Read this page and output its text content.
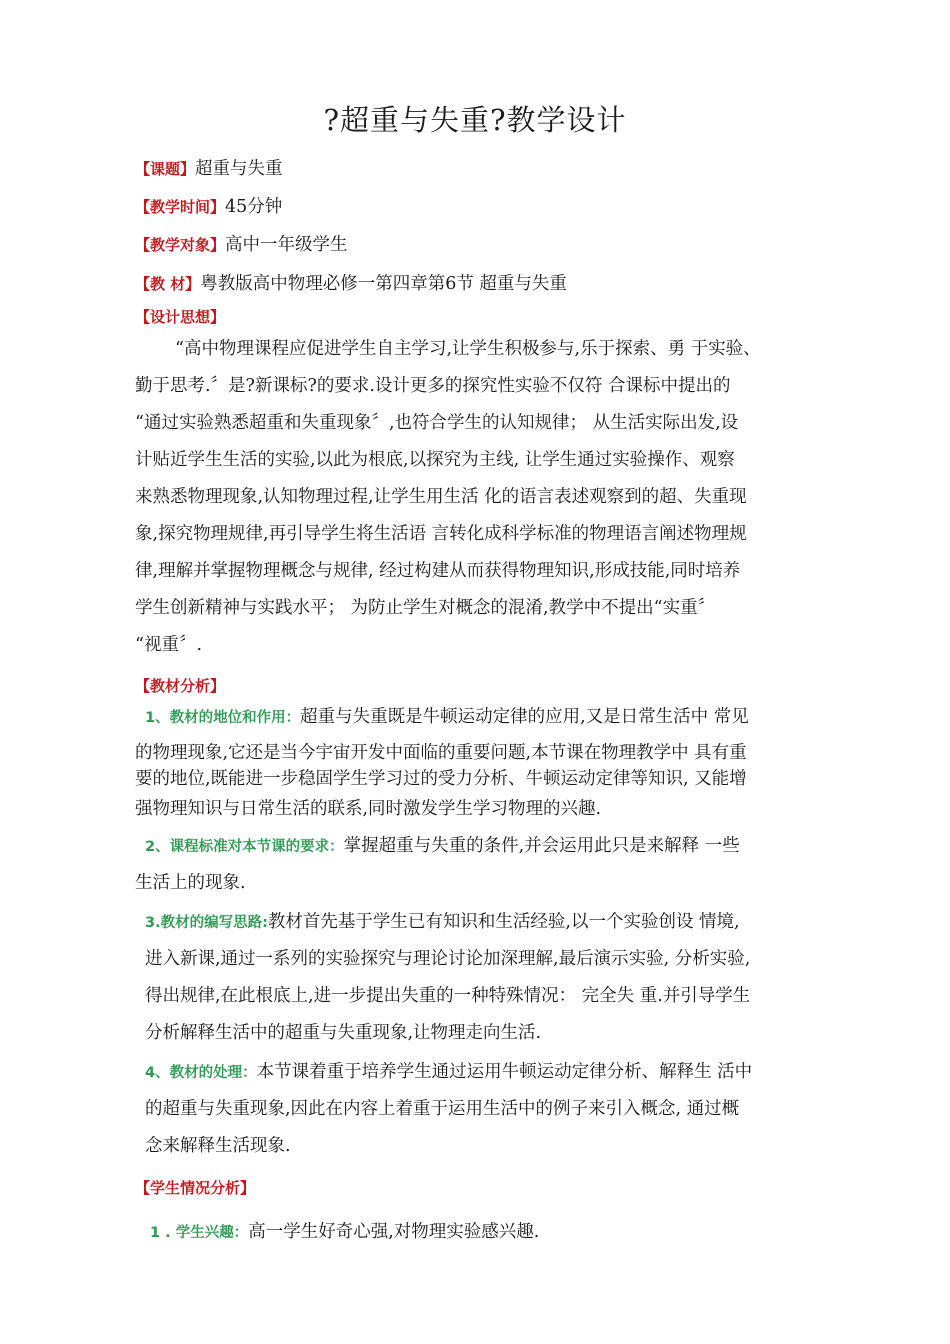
?超重与失重?教学设计
【课题】超重与失重
【教学时间】45分钟
【教学对象】高中一年级学生
【教 材】粤教版高中物理必修一第四章第6节 超重与失重
【设计思想】
“高中物理课程应促进学生自主学习,让学生积极参与,乐于探索、勇 于实验、
勤于思考.〞是?新课标?的要求.设计更多的探究性实验不仅符 合课标中提出的
“通过实验熟悉超重和失重现象〞,也符合学生的认知规律； 从生活实际出发,设
计贴近学生生活的实验,以此为根底,以探究为主线, 让学生通过实验操作、观察
来熟悉物理现象,认知物理过程,让学生用生活 化的语言表述观察到的超、失重现
象,探究物理规律,再引导学生将生活语 言转化成科学标准的物理语言阐述物理规
律,理解并掌握物理概念与规律, 经过构建从而获得物理知识,形成技能,同时培养
学生创新精神与实践水平； 为防止学生对概念的混淆,教学中不提出“实重〞
“视重〞.
【教材分析】
1、教材的地位和作用：超重与失重既是牛顿运动定律的应用,又是日常生活中 常见
的物理现象,它还是当今宇宙开发中面临的重要问题,本节课在物理教学中 具有重
要的地位,既能进一步稳固学生学习过的受力分析、牛顿运动定律等知识, 又能增
强物理知识与日常生活的联系,同时激发学生学习物理的兴趣.
2、课程标准对本节课的要求：掌握超重与失重的条件,并会运用此只是来解释 一些
生活上的现象.
3.教材的编写思路:教材首先基于学生已有知识和生活经验,以一个实验创设 情境,
进入新课,通过一系列的实验探究与理论讨论加深理解,最后演示实验, 分析实验,
得出规律,在此根底上,进一步提出失重的一种特殊情况： 完全失 重.并引导学生
分析解释生活中的超重与失重现象,让物理走向生活.
4、教材的处理：本节课着重于培养学生通过运用牛顿运动定律分析、解释生 活中
的超重与失重现象,因此在内容上着重于运用生活中的例子来引入概念, 通过概
念来解释生活现象.
【学生情况分析】
1 . 学生兴趣：高一学生好奇心强,对物理实验感兴趣.
